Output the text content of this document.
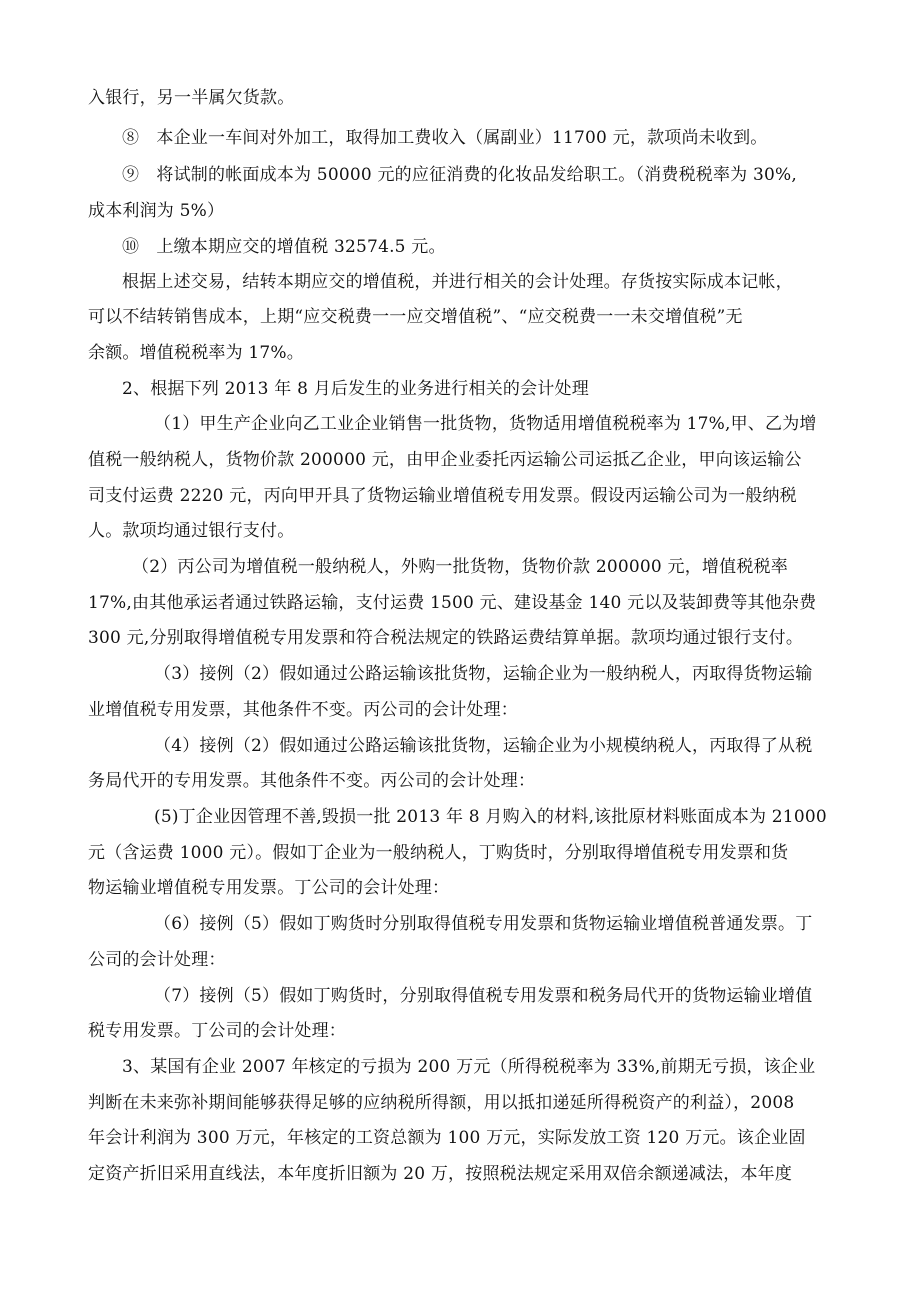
入银行，另一半属欠货款。
⑧　本企业一车间对外加工，取得加工费收入（属副业）11700 元，款项尚未收到。
⑨　将试制的帐面成本为 50000 元的应征消费的化妆品发给职工。（消费税税率为 30%,
成本利润为 5%）
⑩　上缴本期应交的增值税 32574.5 元。
根据上述交易，结转本期应交的增值税，并进行相关的会计处理。存货按实际成本记帐，
可以不结转销售成本，上期“应交税费一一应交增值税”、“应交税费一一未交增值税”无
余额。增值税税率为 17%。
2、根据下列 2013 年 8 月后发生的业务进行相关的会计处理
（1）甲生产企业向乙工业企业销售一批货物，货物适用增值税税率为 17%,甲、乙为增
值税一般纳税人，货物价款 200000 元，由甲企业委托丙运输公司运抵乙企业，甲向该运输公
司支付运费 2220 元，丙向甲开具了货物运输业增值税专用发票。假设丙运输公司为一般纳税
人。款项均通过银行支付。
（2）丙公司为增值税一般纳税人，外购一批货物，货物价款 200000 元，增值税税率
17%,由其他承运者通过铁路运输，支付运费 1500 元、建设基金 140 元以及装卸费等其他杂费
300 元,分别取得增值税专用发票和符合税法规定的铁路运费结算单据。款项均通过银行支付。
（3）接例（2）假如通过公路运输该批货物，运输企业为一般纳税人，丙取得货物运输
业增值税专用发票，其他条件不变。丙公司的会计处理：
（4）接例（2）假如通过公路运输该批货物，运输企业为小规模纳税人，丙取得了从税
务局代开的专用发票。其他条件不变。丙公司的会计处理：
(5)丁企业因管理不善,毁损一批 2013 年 8 月购入的材料,该批原材料账面成本为 21000
元（含运费 1000 元）。假如丁企业为一般纳税人，丁购货时，分别取得增值税专用发票和货
物运输业增值税专用发票。丁公司的会计处理：
（6）接例（5）假如丁购货时分别取得值税专用发票和货物运输业增值税普通发票。丁
公司的会计处理：
（7）接例（5）假如丁购货时，分别取得值税专用发票和税务局代开的货物运输业增值
税专用发票。丁公司的会计处理：
3、某国有企业 2007 年核定的亏损为 200 万元（所得税税率为 33%,前期无亏损，该企业
判断在未来弥补期间能够获得足够的应纳税所得额，用以抵扣递延所得税资产的利益），2008
年会计利润为 300 万元，年核定的工资总额为 100 万元，实际发放工资 120 万元。该企业固
定资产折旧采用直线法，本年度折旧额为 20 万，按照税法规定采用双倍余额递减法，本年度
